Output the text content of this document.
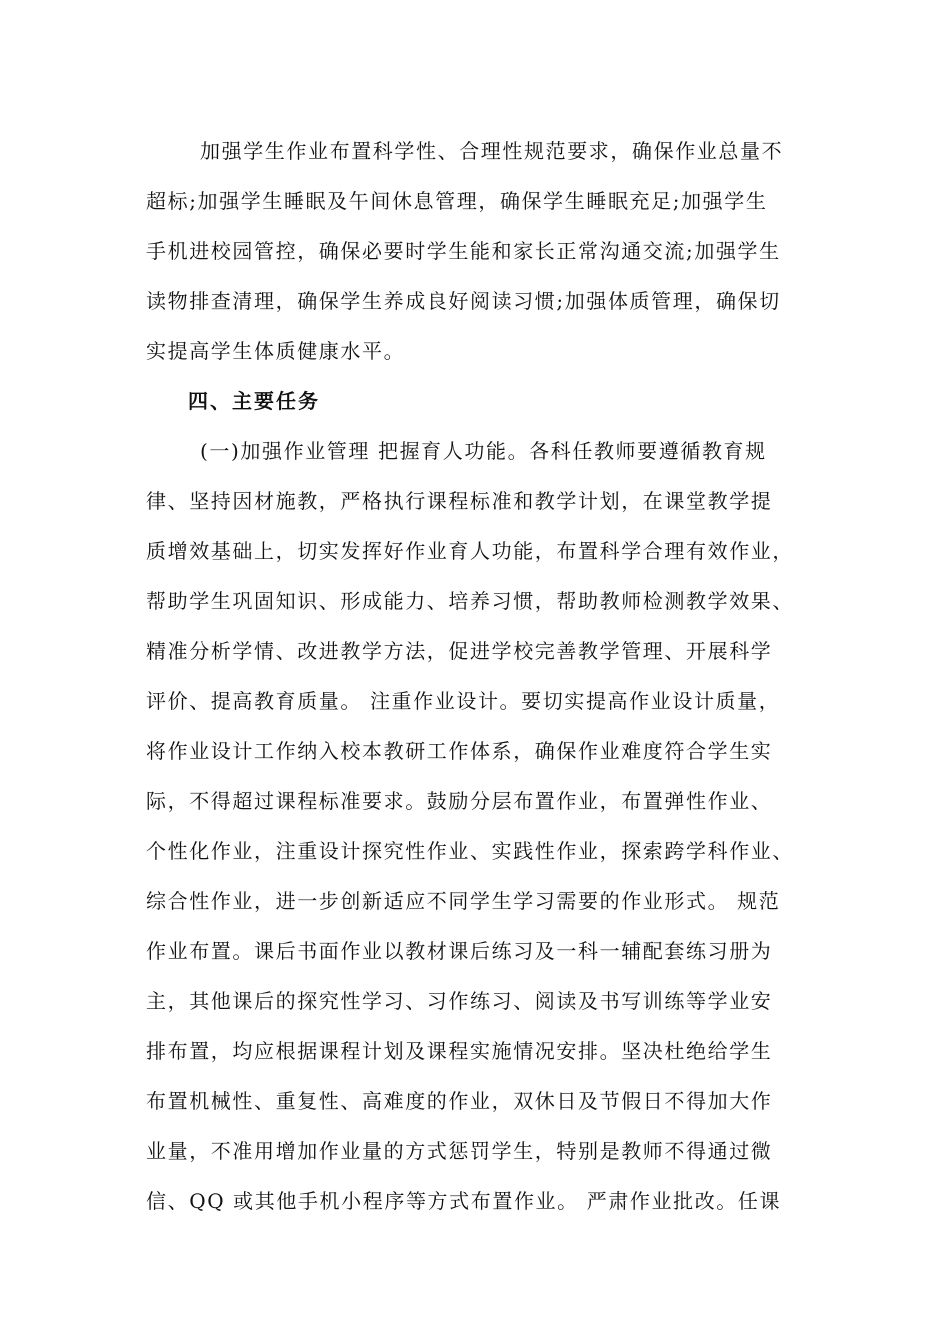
加强学生作业布置科学性、合理性规范要求，确保作业总量不
超标;加强学生睡眠及午间休息管理，确保学生睡眠充足;加强学生
手机进校园管控，确保必要时学生能和家长正常沟通交流;加强学生
读物排查清理，确保学生养成良好阅读习惯;加强体质管理，确保切
实提高学生体质健康水平。
四、主要任务
(一)加强作业管理 把握育人功能。各科任教师要遵循教育规
律、坚持因材施教，严格执行课程标准和教学计划，在课堂教学提
质增效基础上，切实发挥好作业育人功能，布置科学合理有效作业，
帮助学生巩固知识、形成能力、培养习惯，帮助教师检测教学效果、
精准分析学情、改进教学方法，促进学校完善教学管理、开展科学
评价、提高教育质量。 注重作业设计。要切实提高作业设计质量，
将作业设计工作纳入校本教研工作体系，确保作业难度符合学生实
际，不得超过课程标准要求。鼓励分层布置作业，布置弹性作业、
个性化作业，注重设计探究性作业、实践性作业，探索跨学科作业、
综合性作业，进一步创新适应不同学生学习需要的作业形式。 规范
作业布置。课后书面作业以教材课后练习及一科一辅配套练习册为
主，其他课后的探究性学习、习作练习、阅读及书写训练等学业安
排布置，均应根据课程计划及课程实施情况安排。坚决杜绝给学生
布置机械性、重复性、高难度的作业，双休日及节假日不得加大作
业量，不准用增加作业量的方式惩罚学生，特别是教师不得通过微
信、QQ 或其他手机小程序等方式布置作业。 严肃作业批改。任课
